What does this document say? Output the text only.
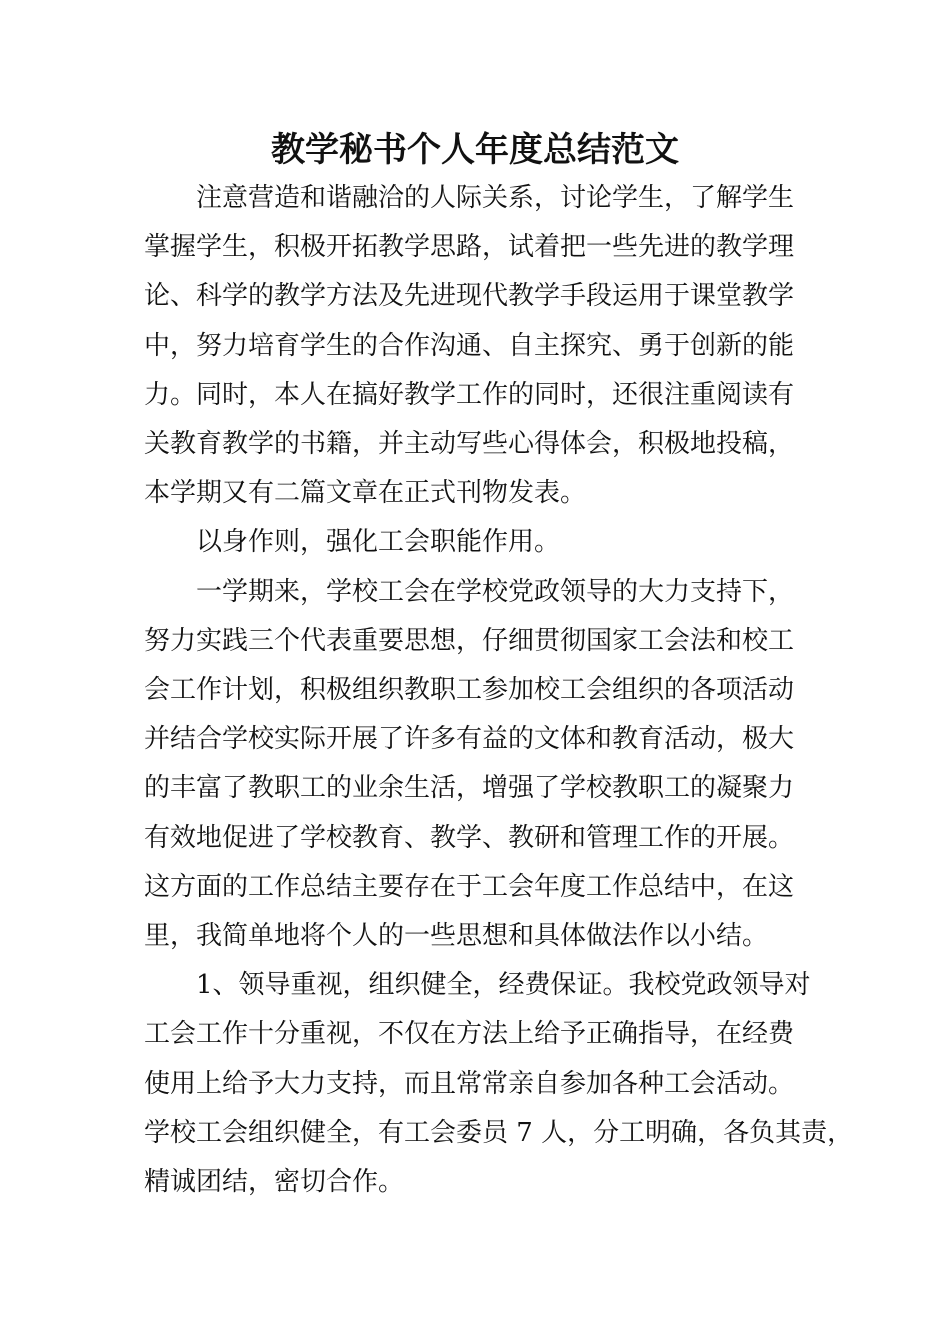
教学秘书个人年度总结范文

注意营造和谐融洽的人际关系，讨论学生，了解学生
掌握学生，积极开拓教学思路，试着把一些先进的教学理
论、科学的教学方法及先进现代教学手段运用于课堂教学
中，努力培育学生的合作沟通、自主探究、勇于创新的能
力。同时，本人在搞好教学工作的同时，还很注重阅读有
关教育教学的书籍，并主动写些心得体会，积极地投稿，
本学期又有二篇文章在正式刊物发表。

以身作则，强化工会职能作用。

一学期来，学校工会在学校党政领导的大力支持下，
努力实践三个代表重要思想，仔细贯彻国家工会法和校工
会工作计划，积极组织教职工参加校工会组织的各项活动
并结合学校实际开展了许多有益的文体和教育活动，极大
的丰富了教职工的业余生活，增强了学校教职工的凝聚力
有效地促进了学校教育、教学、教研和管理工作的开展。
这方面的工作总结主要存在于工会年度工作总结中，在这
里，我简单地将个人的一些思想和具体做法作以小结。

1、领导重视，组织健全，经费保证。我校党政领导对
工会工作十分重视，不仅在方法上给予正确指导，在经费
使用上给予大力支持，而且常常亲自参加各种工会活动。
学校工会组织健全，有工会委员 7 人，分工明确，各负其责，
精诚团结，密切合作。
